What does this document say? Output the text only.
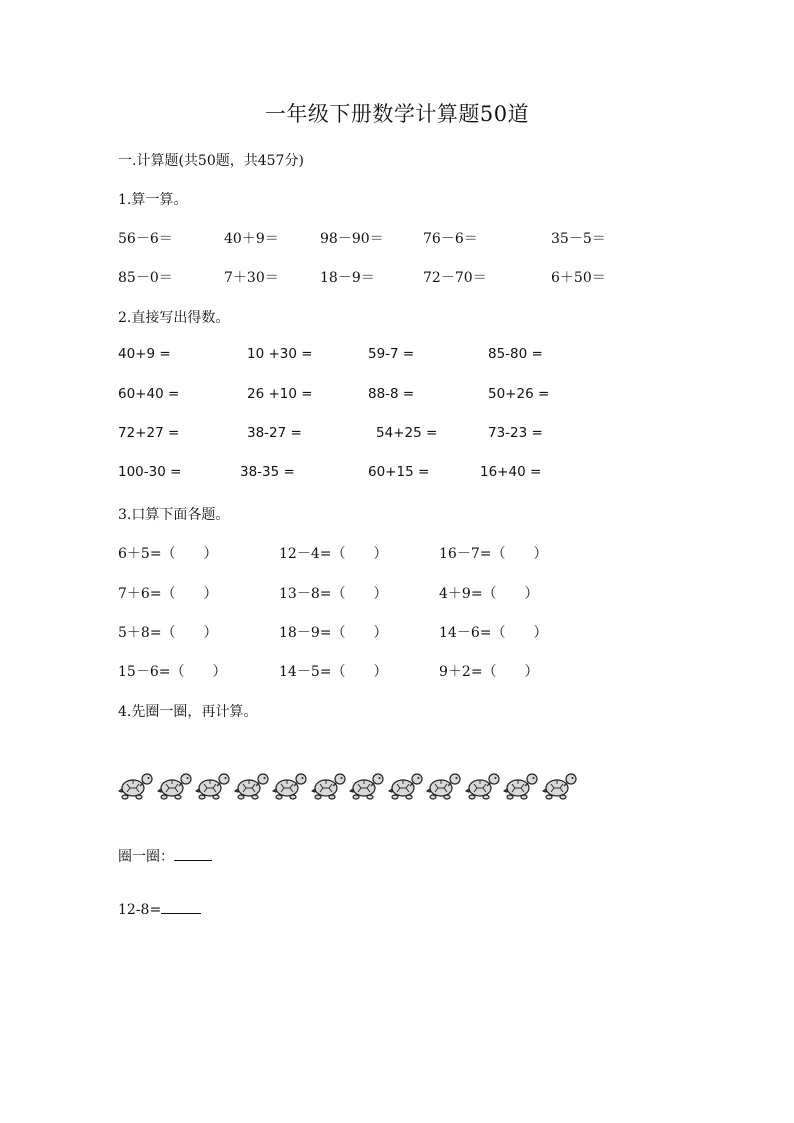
一年级下册数学计算题50道
一.计算题(共50题，共457分)
1.算一算。
56－6＝	40＋9＝	98－90＝	76－6＝	35－5＝
85－0＝	7＋30＝	18－9＝	72－70＝	6＋50＝
2.直接写出得数。
40+9 =	10 +30 =	59-7 =	85-80 =
60+40 =	26 +10 =	88-8 =	50+26 =
72+27 =	38-27 =	54+25 =	73-23 =
100-30 =	38-35 =	60+15 =	16+40 =
3.口算下面各题。
6＋5=（　　）	12－4=（　　）	16－7=（　　）
7＋6=（　　）	13－8=（　　）	4＋9=（　　）
5＋8=（　　）	18－9=（　　）	14－6=（　　）
15－6=（　　）	14－5=（　　）	9＋2=（　　）
4.先圈一圈，再计算。
圈一圈：
12-8=
